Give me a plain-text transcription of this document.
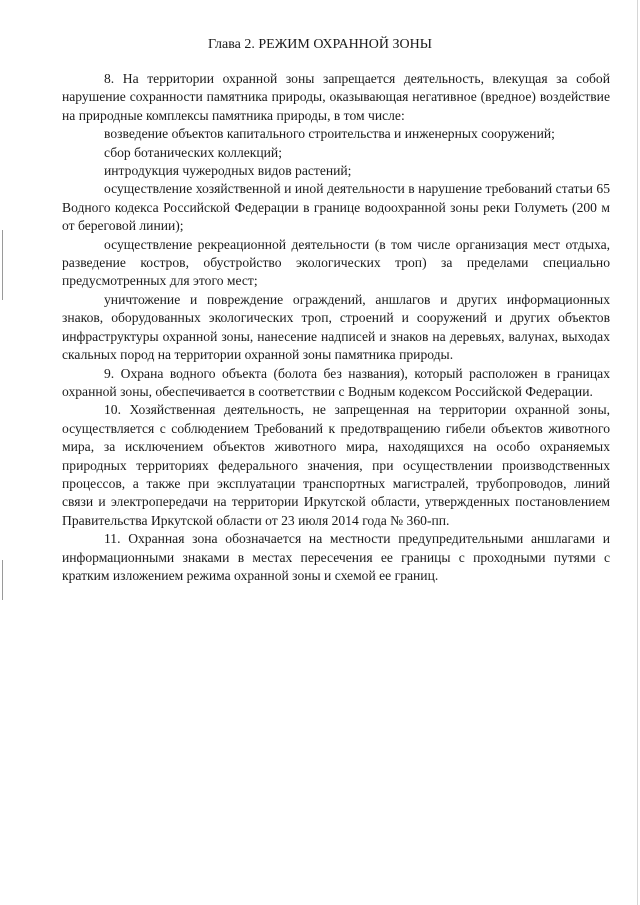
Глава 2. РЕЖИМ ОХРАННОЙ ЗОНЫ

8. На территории охранной зоны запрещается деятельность, влекущая за собой нарушение сохранности памятника природы, оказывающая негативное (вредное) воздействие на природные комплексы памятника природы, в том числе:

возведение объектов капитального строительства и инженерных сооружений;

сбор ботанических коллекций;

интродукция чужеродных видов растений;

осуществление хозяйственной и иной деятельности в нарушение требований статьи 65 Водного кодекса Российской Федерации в границе водоохранной зоны реки Голуметь (200 м от береговой линии);

осуществление рекреационной деятельности (в том числе организация мест отдыха, разведение костров, обустройство экологических троп) за пределами специально предусмотренных для этого мест;

уничтожение и повреждение ограждений, аншлагов и других информационных знаков, оборудованных экологических троп, строений и сооружений и других объектов инфраструктуры охранной зоны, нанесение надписей и знаков на деревьях, валунах, выходах скальных пород на территории охранной зоны памятника природы.

9. Охрана водного объекта (болота без названия), который расположен в границах охранной зоны, обеспечивается в соответствии с Водным кодексом Российской Федерации.

10. Хозяйственная деятельность, не запрещенная на территории охранной зоны, осуществляется с соблюдением Требований к предотвращению гибели объектов животного мира, за исключением объектов животного мира, находящихся на особо охраняемых природных территориях федерального значения, при осуществлении производственных процессов, а также при эксплуатации транспортных магистралей, трубопроводов, линий связи и электропередачи на территории Иркутской области, утвержденных постановлением Правительства Иркутской области от 23 июля 2014 года № 360-пп.

11. Охранная зона обозначается на местности предупредительными аншлагами и информационными знаками в местах пересечения ее границы с проходными путями с кратким изложением режима охранной зоны и схемой ее границ.
